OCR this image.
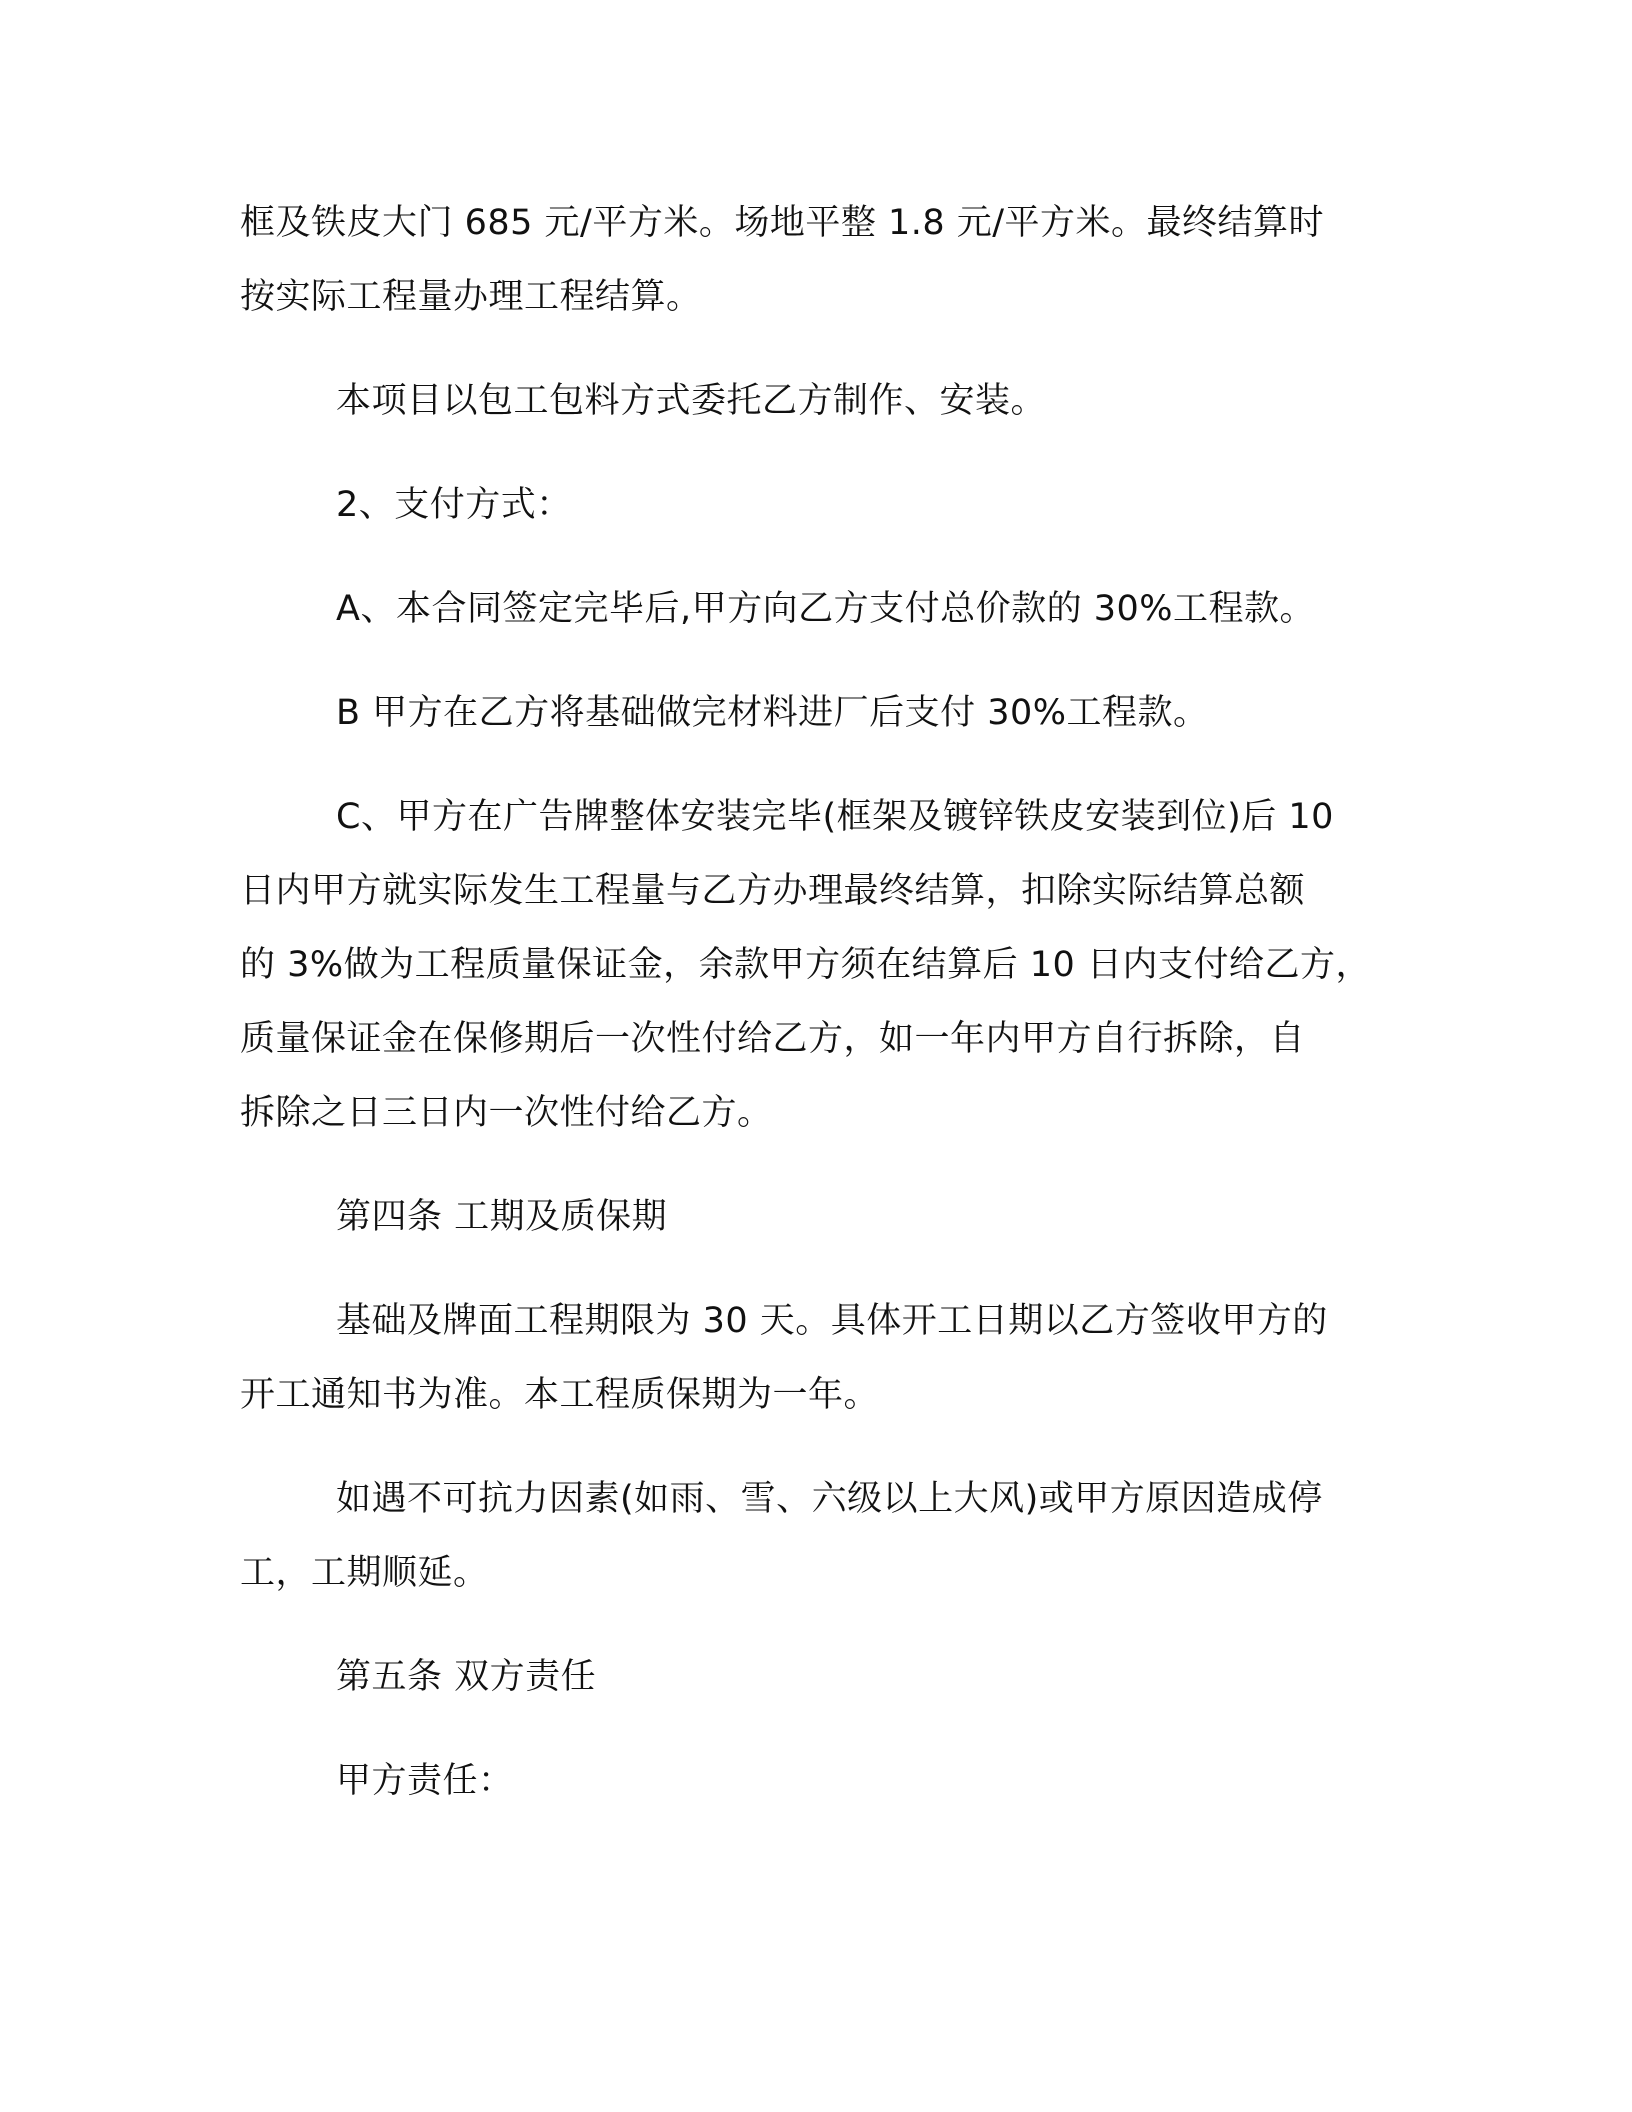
框及铁皮大门 685 元/平方米。场地平整 1.8 元/平方米。最终结算时
按实际工程量办理工程结算。
本项目以包工包料方式委托乙方制作、安装。
2、支付方式：
A、本合同签定完毕后,甲方向乙方支付总价款的 30%工程款。
B 甲方在乙方将基础做完材料进厂后支付 30%工程款。
C、甲方在广告牌整体安装完毕(框架及镀锌铁皮安装到位)后 10
日内甲方就实际发生工程量与乙方办理最终结算，扣除实际结算总额
的 3%做为工程质量保证金，余款甲方须在结算后 10 日内支付给乙方，
质量保证金在保修期后一次性付给乙方，如一年内甲方自行拆除，自
拆除之日三日内一次性付给乙方。
第四条 工期及质保期
基础及牌面工程期限为 30 天。具体开工日期以乙方签收甲方的
开工通知书为准。本工程质保期为一年。
如遇不可抗力因素(如雨、雪、六级以上大风)或甲方原因造成停
工，工期顺延。
第五条 双方责任
甲方责任：
